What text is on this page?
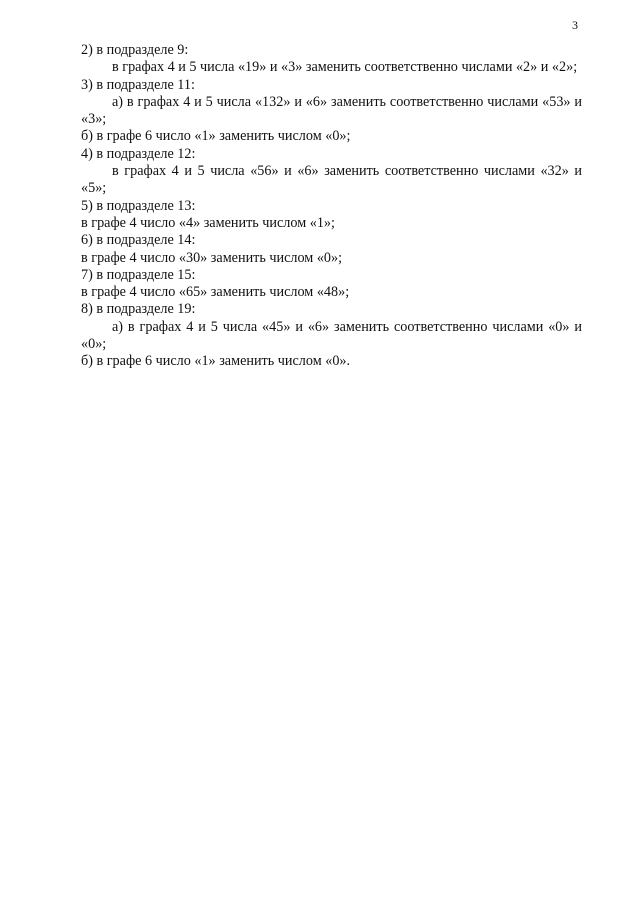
3

2) в подразделе 9:

в графах 4 и 5 числа «19» и «3» заменить соответственно числами «2» и «2»;

3) в подразделе 11:

а) в графах 4 и 5 числа «132» и «6» заменить соответственно числами «53» и «3»;

б) в графе 6 число «1» заменить числом «0»;

4) в подразделе 12:

в графах 4 и 5 числа «56» и «6» заменить соответственно числами «32» и «5»;

5) в подразделе 13:

в графе 4 число «4» заменить числом «1»;

6) в подразделе 14:

в графе 4 число «30» заменить числом «0»;

7) в подразделе 15:

в графе 4 число «65» заменить числом «48»;

8) в подразделе 19:

а) в графах 4 и 5 числа «45» и «6» заменить соответственно числами «0» и «0»;

б) в графе 6 число «1» заменить числом «0».
